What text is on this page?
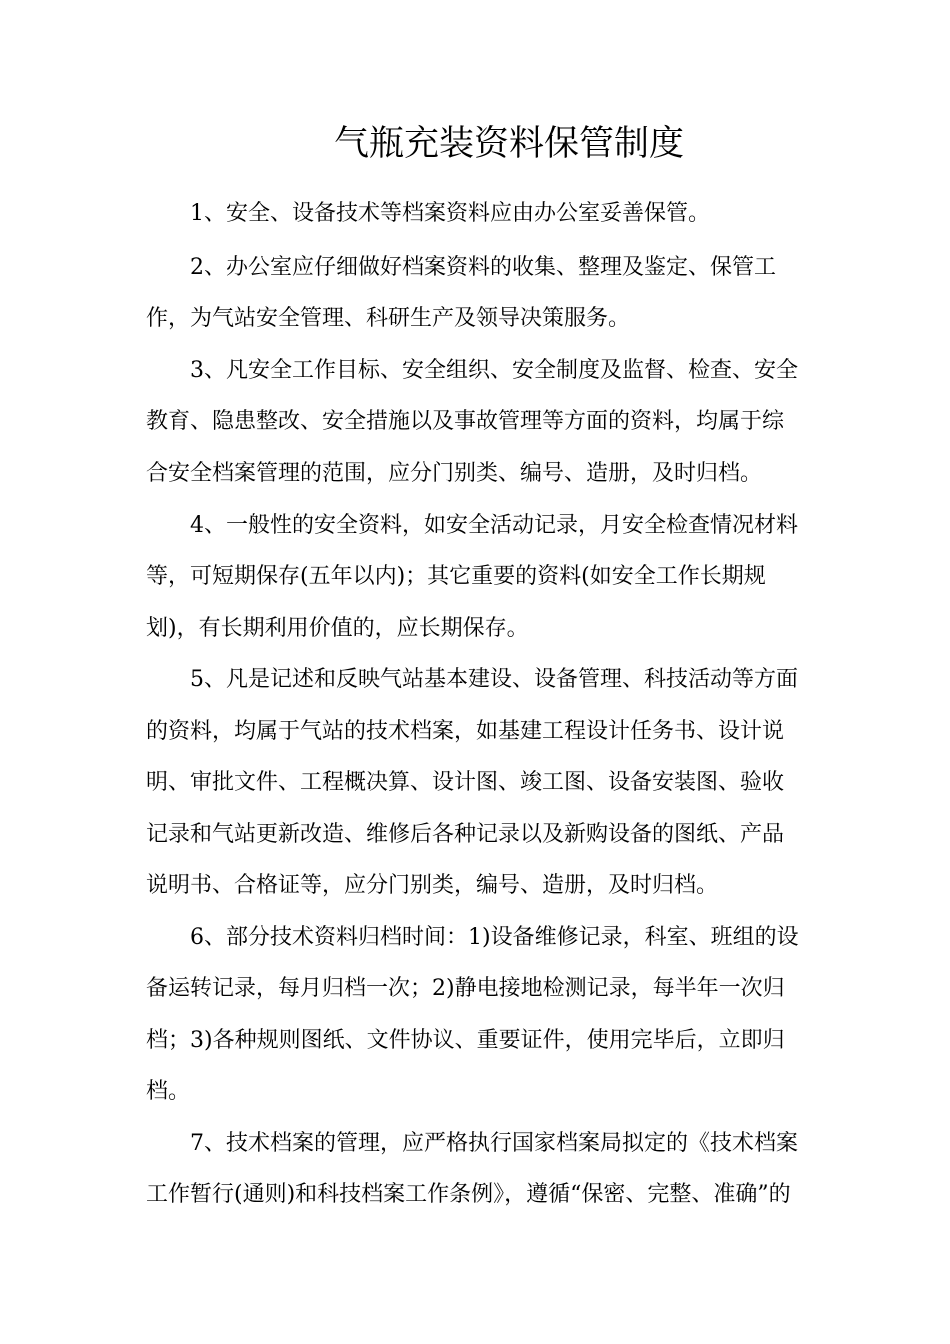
气瓶充装资料保管制度

1、安全、设备技术等档案资料应由办公室妥善保管。

2、办公室应仔细做好档案资料的收集、整理及鉴定、保管工

作，为气站安全管理、科研生产及领导决策服务。

3、凡安全工作目标、安全组织、安全制度及监督、检查、安全

教育、隐患整改、安全措施以及事故管理等方面的资料，均属于综

合安全档案管理的范围，应分门别类、编号、造册，及时归档。

4、一般性的安全资料，如安全活动记录，月安全检查情况材料

等，可短期保存(五年以内)；其它重要的资料(如安全工作长期规

划)，有长期利用价值的，应长期保存。

5、凡是记述和反映气站基本建设、设备管理、科技活动等方面

的资料，均属于气站的技术档案，如基建工程设计任务书、设计说

明、审批文件、工程概决算、设计图、竣工图、设备安装图、验收

记录和气站更新改造、维修后各种记录以及新购设备的图纸、产品

说明书、合格证等，应分门别类，编号、造册，及时归档。

6、部分技术资料归档时间：1)设备维修记录，科室、班组的设

备运转记录，每月归档一次；2)静电接地检测记录，每半年一次归

档；3)各种规则图纸、文件协议、重要证件，使用完毕后，立即归

档。

7、技术档案的管理，应严格执行国家档案局拟定的《技术档案

工作暂行(通则)和科技档案工作条例》，遵循“保密、完整、准确”的
